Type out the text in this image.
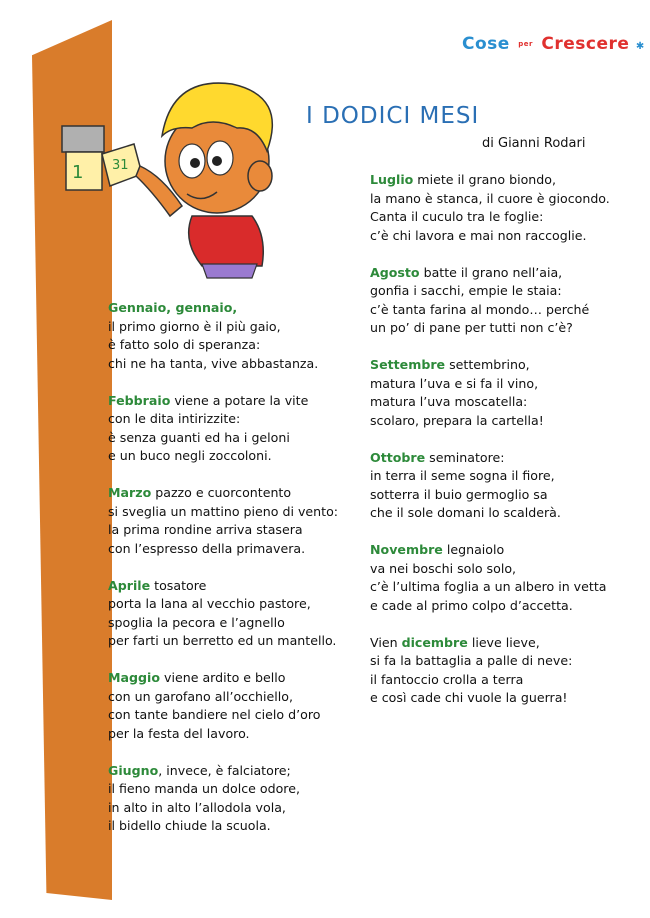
Cose per Crescere ✱
1 31
I DODICI MESI
di Gianni Rodari
Gennaio, gennaio,
il primo giorno è il più gaio,
è fatto solo di speranza:
chi ne ha tanta, vive abbastanza.
Febbraio viene a potare la vite
con le dita intirizzite:
è senza guanti ed ha i geloni
e un buco negli zoccoloni.
Marzo pazzo e cuorcontento
si sveglia un mattino pieno di vento:
la prima rondine arriva stasera
con l’espresso della primavera.
Aprile tosatore
porta la lana al vecchio pastore,
spoglia la pecora e l’agnello
per farti un berretto ed un mantello.
Maggio viene ardito e bello
con un garofano all’occhiello,
con tante bandiere nel cielo d’oro
per la festa del lavoro.
Giugno, invece, è falciatore;
il fieno manda un dolce odore,
in alto in alto l’allodola vola,
il bidello chiude la scuola.
Luglio miete il grano biondo,
la mano è stanca, il cuore è giocondo.
Canta il cuculo tra le foglie:
c’è chi lavora e mai non raccoglie.
Agosto batte il grano nell’aia,
gonfia i sacchi, empie le staia:
c’è tanta farina al mondo… perché
un po’ di pane per tutti non c’è?
Settembre settembrino,
matura l’uva e si fa il vino,
matura l’uva moscatella:
scolaro, prepara la cartella!
Ottobre seminatore:
in terra il seme sogna il fiore,
sotterra il buio germoglio sa
che il sole domani lo scalderà.
Novembre legnaiolo
va nei boschi solo solo,
c’è l’ultima foglia a un albero in vetta
e cade al primo colpo d’accetta.
Vien dicembre lieve lieve,
si fa la battaglia a palle di neve:
il fantoccio crolla a terra
e così cade chi vuole la guerra!
